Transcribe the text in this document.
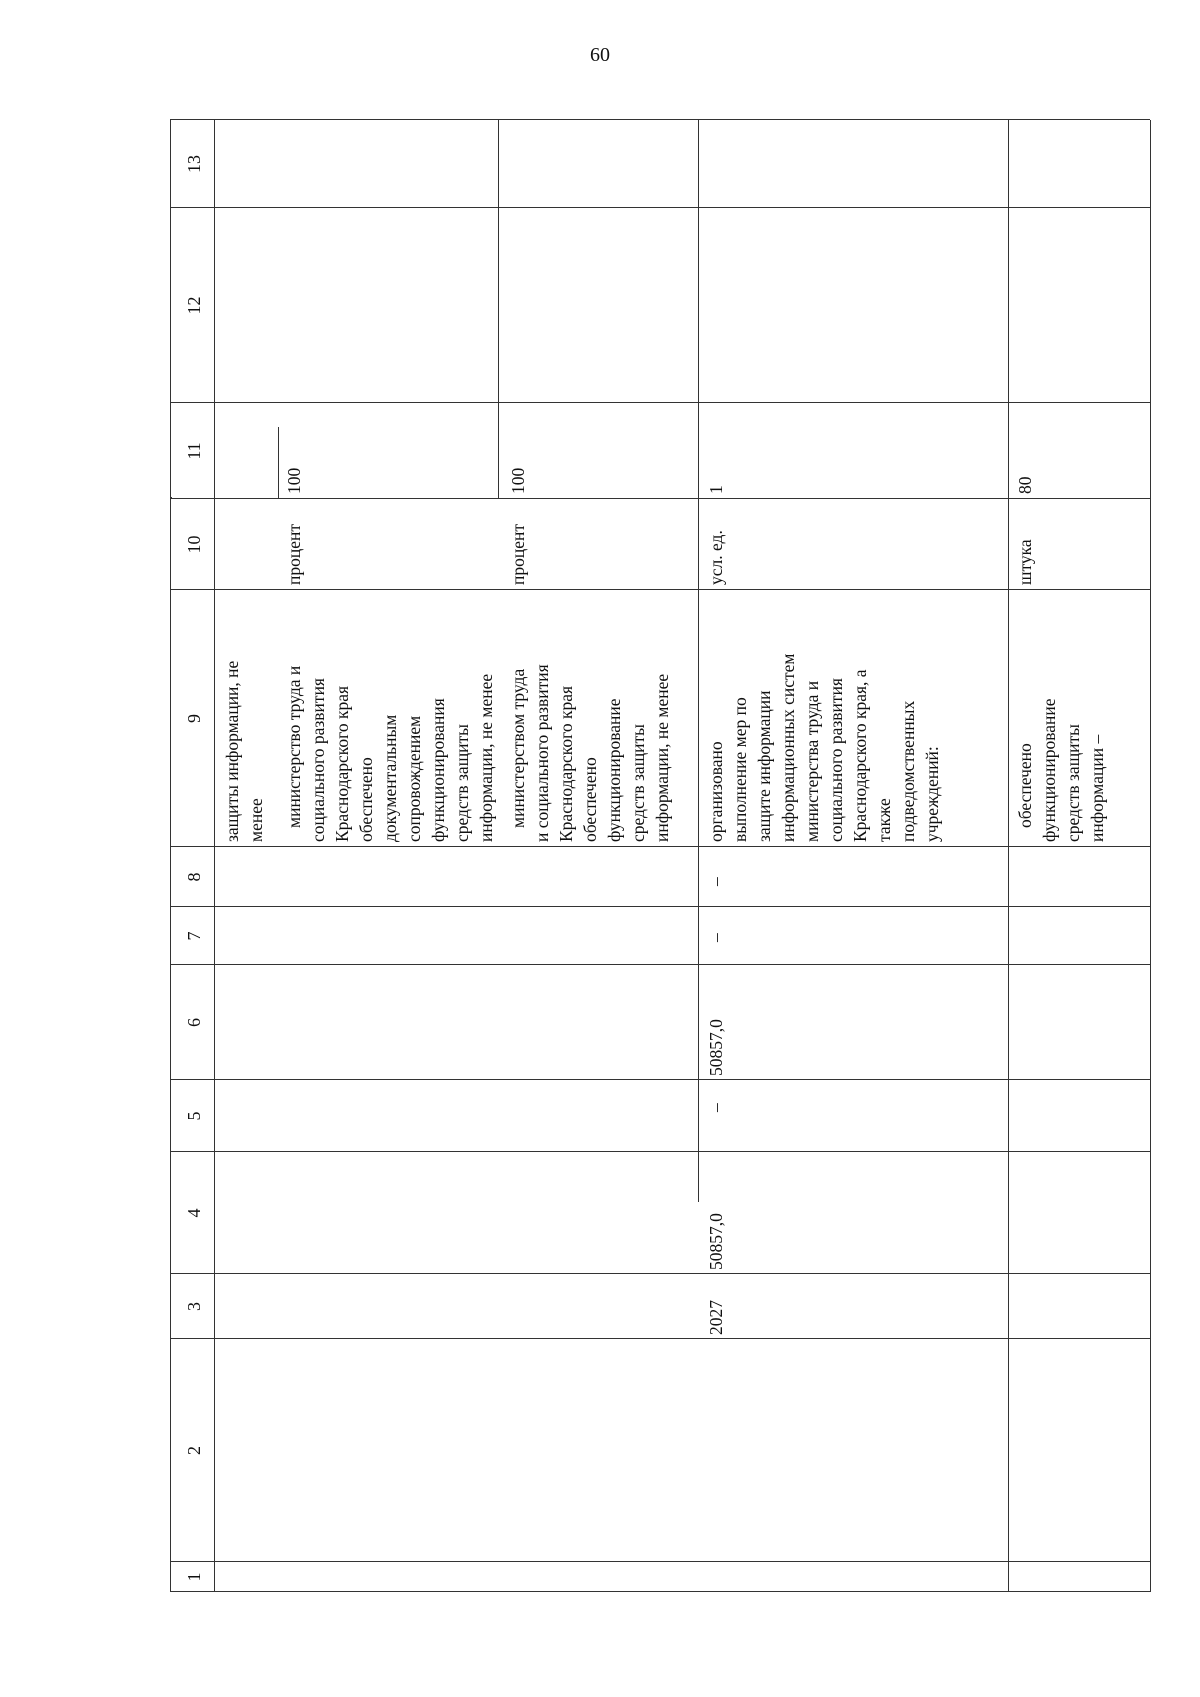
60
1
2
3
4
5
6
7
8
9
10
11
12
13
защиты информации, не
менее министерство труда и
социального развития
Краснодарского края
обеспечено
документальным
сопровождением
функционирования
средств защиты
информации, не менее
процент
100
министерством труда
и социального развития
Краснодарского края
обеспечено
функционирование
средств защиты
информации, не менее
процент
100
2027
50857,0
–
50857,0
–
–
организовано
выполнение мер по
защите информации
информационных систем
министерства труда и
социального развития
Краснодарского края, а
также
подведомственных
учреждений:
усл. ед.
1
обеспечено
функционирование
средств защиты
информации –
штука
80
